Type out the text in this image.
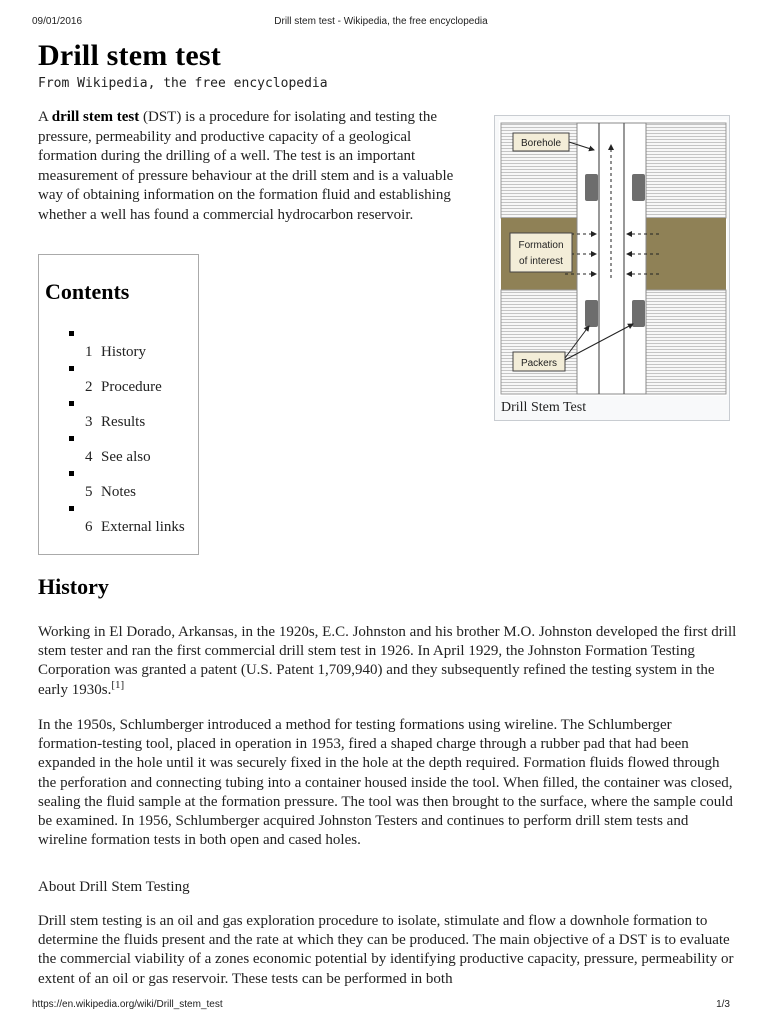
09/01/2016	Drill stem test - Wikipedia, the free encyclopedia
Drill stem test
From Wikipedia, the free encyclopedia

A drill stem test (DST) is a procedure for isolating and testing the pressure, permeability and productive capacity of a geological formation during the drilling of a well. The test is an important measurement of pressure behaviour at the drill stem and is a valuable way of obtaining information on the formation fluid and establishing whether a well has found a commercial hydrocarbon reservoir.

Contents
1 History
2 Procedure
3 Results
4 See also
5 Notes
6 External links
Borehole
Formation
of interest
Packers
Drill Stem Test
History

Working in El Dorado, Arkansas, in the 1920s, E.C. Johnston and his brother M.O. Johnston developed the first drill stem tester and ran the first commercial drill stem test in 1926. In April 1929, the Johnston Formation Testing Corporation was granted a patent (U.S. Patent 1,709,940) and they subsequently refined the testing system in the early 1930s.[1]

In the 1950s, Schlumberger introduced a method for testing formations using wireline. The Schlumberger formation-testing tool, placed in operation in 1953, fired a shaped charge through a rubber pad that had been expanded in the hole until it was securely fixed in the hole at the depth required. Formation fluids flowed through the perforation and connecting tubing into a container housed inside the tool. When filled, the container was closed, sealing the fluid sample at the formation pressure. The tool was then brought to the surface, where the sample could be examined. In 1956, Schlumberger acquired Johnston Testers and continues to perform drill stem tests and wireline formation tests in both open and cased holes.

About Drill Stem Testing

Drill stem testing is an oil and gas exploration procedure to isolate, stimulate and flow a downhole formation to determine the fluids present and the rate at which they can be produced. The main objective of a DST is to evaluate the commercial viability of a zones economic potential by identifying productive capacity, pressure, permeability or extent of an oil or gas reservoir. These tests can be performed in both

https://en.wikipedia.org/wiki/Drill_stem_test	1/3
